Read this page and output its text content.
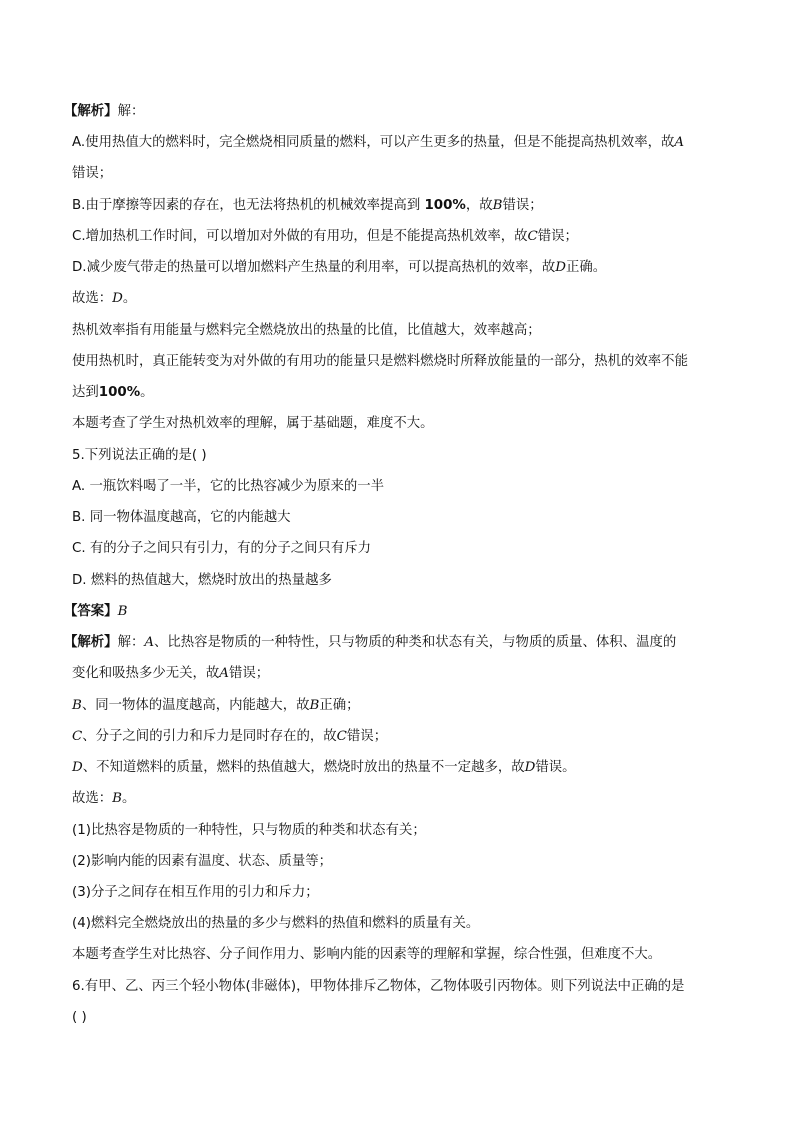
【解析】解：
A.使用热值大的燃料时，完全燃烧相同质量的燃料，可以产生更多的热量，但是不能提高热机效率，故A
错误；
B.由于摩擦等因素的存在，也无法将热机的机械效率提高到 100%，故B错误；
C.增加热机工作时间，可以增加对外做的有用功，但是不能提高热机效率，故C错误；
D.减少废气带走的热量可以增加燃料产生热量的利用率，可以提高热机的效率，故D正确。
故选：D。
热机效率指有用能量与燃料完全燃烧放出的热量的比值，比值越大，效率越高；
使用热机时，真正能转变为对外做的有用功的能量只是燃料燃烧时所释放能量的一部分，热机的效率不能
达到100%。
本题考查了学生对热机效率的理解，属于基础题，难度不大。
5.下列说法正确的是( )
A. 一瓶饮料喝了一半，它的比热容减少为原来的一半
B. 同一物体温度越高，它的内能越大
C. 有的分子之间只有引力，有的分子之间只有斥力
D. 燃料的热值越大，燃烧时放出的热量越多
【答案】B
【解析】解：A、比热容是物质的一种特性，只与物质的种类和状态有关，与物质的质量、体积、温度的
变化和吸热多少无关，故A错误；
B、同一物体的温度越高，内能越大，故B正确；
C、分子之间的引力和斥力是同时存在的，故C错误；
D、不知道燃料的质量，燃料的热值越大，燃烧时放出的热量不一定越多，故D错误。
故选：B。
(1)比热容是物质的一种特性，只与物质的种类和状态有关；
(2)影响内能的因素有温度、状态、质量等；
(3)分子之间存在相互作用的引力和斥力；
(4)燃料完全燃烧放出的热量的多少与燃料的热值和燃料的质量有关。
本题考查学生对比热容、分子间作用力、影响内能的因素等的理解和掌握，综合性强，但难度不大。
6.有甲、乙、丙三个轻小物体(非磁体)，甲物体排斥乙物体，乙物体吸引丙物体。则下列说法中正确的是
( )
